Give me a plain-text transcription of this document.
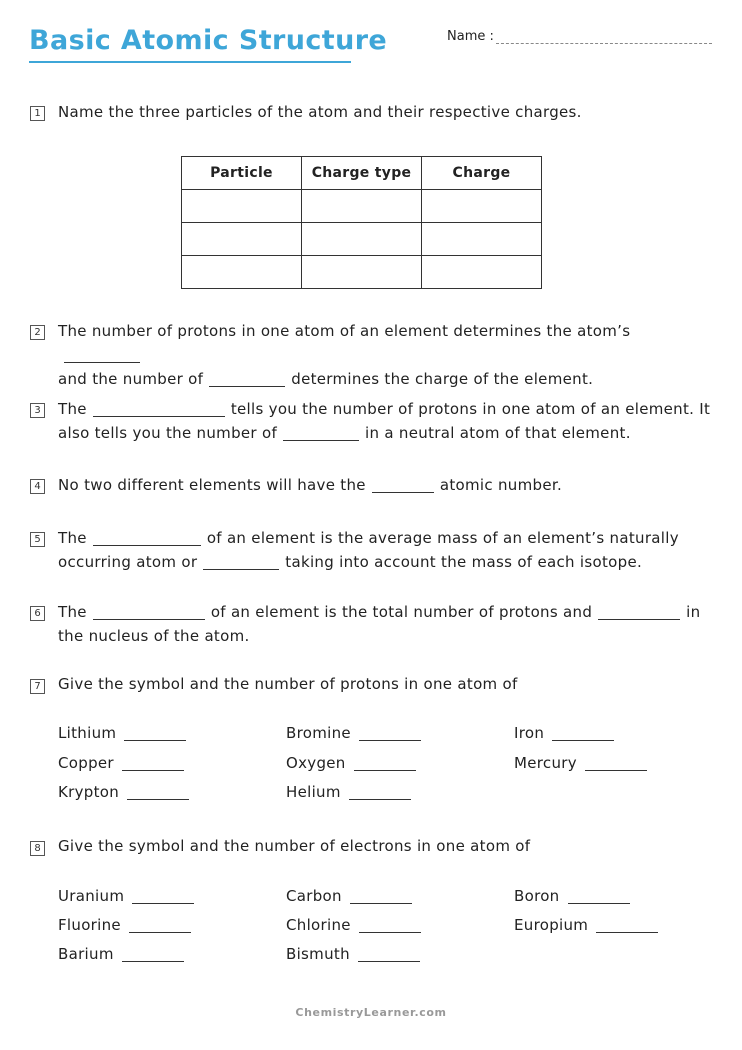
Basic Atomic Structure	Name :
1 Name the three particles of the atom and their respective charges.
Particle	Charge type	Charge

2 The number of protons in one atom of an element determines the atom’s
and the number of	determines the charge of the element.
3 The	tells you the number of protons in one atom of an element. It
also tells you the number of	in a neutral atom of that element.
4 No two different elements will have the	atomic number.
5 The	of an element is the average mass of an element’s naturally
occurring atom or	taking into account the mass of each isotope.
6 The	of an element is the total number of protons and	in
the nucleus of the atom.
7 Give the symbol and the number of protons in one atom of
Lithium	Bromine	Iron
Copper	Oxygen	Mercury
Krypton	Helium
8 Give the symbol and the number of electrons in one atom of
Uranium	Carbon	Boron
Fluorine	Chlorine	Europium
Barium	Bismuth
ChemistryLearner.com
